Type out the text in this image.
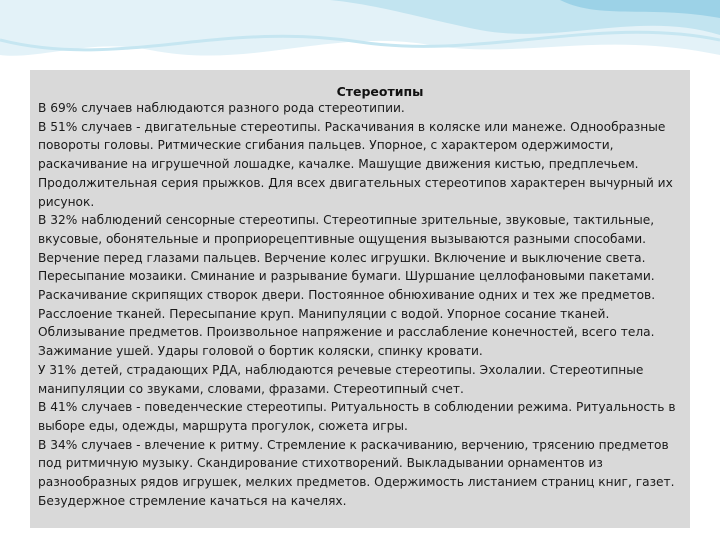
Стереотипы

В 69% случаев наблюдаются разного рода стереотипии.

В 51% случаев - двигательные стереотипы. Раскачивания в коляске или манеже. Однообразные повороты головы. Ритмические сгибания пальцев. Упорное, с характером одержимости, раскачивание на игрушечной лошадке, качалке. Машущие движения кистью, предплечьем. Продолжительная серия прыжков. Для всех двигательных стереотипов характерен вычурный их рисунок.

В 32% наблюдений сенсорные стереотипы. Стереотипные зрительные, звуковые, тактильные, вкусовые, обонятельные и проприорецептивные ощущения вызываются разными способами. Верчение перед глазами пальцев. Верчение колес игрушки. Включение и выключение света. Пересыпание мозаики. Сминание и разрывание бумаги. Шуршание целлофановыми пакетами. Раскачивание скрипящих створок двери. Постоянное обнюхивание одних и тех же предметов. Расслоение тканей. Пересыпание круп. Манипуляции с водой. Упорное сосание тканей. Облизывание предметов. Произвольное напряжение и расслабление конечностей, всего тела. Зажимание ушей. Удары головой о бортик коляски, спинку кровати.

У 31% детей, страдающих РДА, наблюдаются речевые стереотипы. Эхолалии. Стереотипные манипуляции со звуками, словами, фразами. Стереотипный счет.

В 41% случаев - поведенческие стереотипы. Ритуальность в соблюдении режима. Ритуальность в выборе еды, одежды, маршрута прогулок, сюжета игры.

В 34% случаев - влечение к ритму. Стремление к раскачиванию, верчению, трясению предметов под ритмичную музыку. Скандирование стихотворений. Выкладывании орнаментов из разнообразных рядов игрушек, мелких предметов. Одержимость листанием страниц книг, газет. Безудержное стремление качаться на качелях.
